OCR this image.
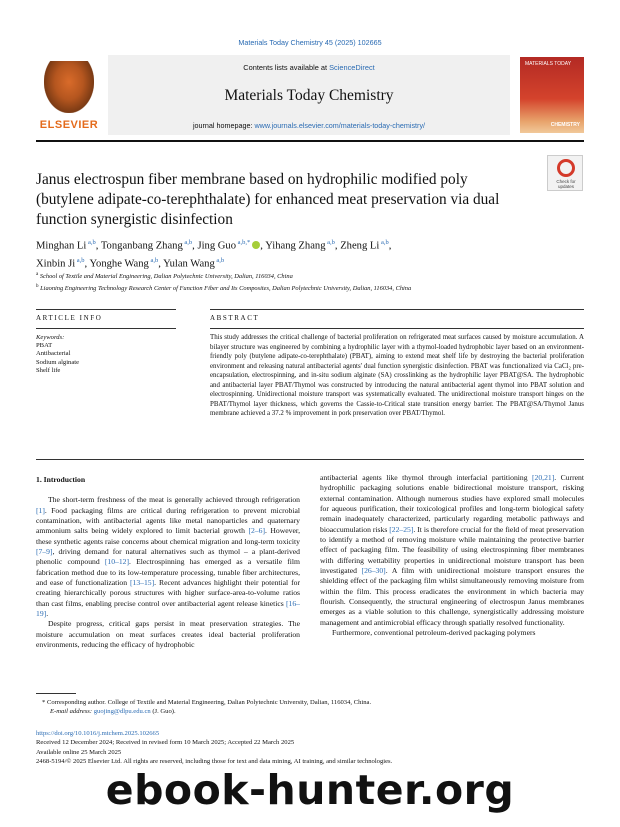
Materials Today Chemistry 45 (2025) 102665
ELSEVIER
Contents lists available at ScienceDirect
Materials Today Chemistry
journal homepage: www.journals.elsevier.com/materials-today-chemistry/
MATERIALS TODAY
CHEMISTRY
Check for updates
Janus electrospun fiber membrane based on hydrophilic modified poly (butylene adipate-co-terephthalate) for enhanced meat preservation via dual function synergistic disinfection
Minghan Li $^{a,b}$, Tonganbang Zhang $^{a,b}$, Jing Guo $^{a,b,*}$ , Yihang Zhang $^{a,b}$, Zheng Li $^{a,b}$,
Xinbin Ji $^{a,b}$, Yonghe Wang $^{a,b}$, Yulan Wang $^{a,b}$
$^a$ School of Textile and Material Engineering, Dalian Polytechnic University, Dalian, 116034, China
$^b$ Liaoning Engineering Technology Research Center of Function Fiber and Its Composites, Dalian Polytechnic University, Dalian, 116034, China
ARTICLE INFO	ABSTRACT
Keywords:
PBAT
Antibacterial
Sodium alginate
Shelf life
This study addresses the critical challenge of bacterial proliferation on refrigerated meat surfaces caused by moisture accumulation. A bilayer structure was engineered by combining a hydrophilic layer with a thymol-loaded hydrophobic layer based on an environment-friendly poly (butylene adipate-co-terephthalate) (PBAT), aiming to extend meat shelf life by destroying the bacterial proliferation environment and releasing natural antibacterial agents' dual function synergistic disinfection. PBAT was functionalized via CaCl₂ pre-encapsulation, electrospinning, and in-situ sodium alginate (SA) crosslinking as the hydrophilic layer PBAT@SA. The hydrophobic and antibacterial layer PBAT/Thymol was constructed by introducing the natural antibacterial agent thymol into PBAT solution and electrospinning. Unidirectional moisture transport was systematically evaluated. The unidirectional moisture transport hinges on the PBAT/Thymol layer thickness, which governs the Cassie-to-Critical state transition energy barrier. The PBAT@SA/Thymol Janus membrane achieved a 37.2 % improvement in pork preservation over PBAT/Thymol.
1. Introduction

The short-term freshness of the meat is generally achieved through refrigeration [1]. Food packaging films are critical during refrigeration to prevent microbial contamination, with antibacterial agents like metal nanoparticles and quaternary ammonium salts being widely explored to limit bacterial growth [2–6]. However, these synthetic agents raise concerns about chemical migration and long-term toxicity [7–9], driving demand for natural alternatives such as thymol – a plant-derived phenolic compound [10–12]. Electrospinning has emerged as a versatile film fabrication method due to its low-temperature processing, tunable fiber architectures, and ease of functionalization [13–15]. Recent advances highlight their potential for creating hierarchically porous structures with higher surface-area-to-volume ratios than cast films, enabling precise control over antibacterial agent release kinetics [16–19].

Despite progress, critical gaps persist in meat preservation strategies. The moisture accumulation on meat surfaces creates ideal bacterial proliferation environments, reducing the efficacy of hydrophobic

antibacterial agents like thymol through interfacial partitioning [20,21]. Current hydrophilic packaging solutions enable bidirectional moisture transport, risking external contamination. Although numerous studies have explored small molecules for aqueous purification, their toxicological profiles and long-term biological safety remain inadequately characterized, particularly regarding metabolic pathways and bioaccumulation risks [22–25]. It is therefore crucial for the field of meat preservation to identify a method of removing moisture while maintaining the protective barrier effect of packaging film. The feasibility of using electrospinning fiber membranes with differing wettability properties in unidirectional moisture transport has been investigated [26–30]. A film with unidirectional moisture transport ensures the shielding effect of the packaging film whilst simultaneously removing moisture from within the film. This process eradicates the environment in which bacteria may flourish. Consequently, the structural engineering of electrospun Janus membranes emerges as a viable solution to this challenge, synergistically addressing moisture management and antimicrobial efficacy through spatially resolved functionality.

Furthermore, conventional petroleum-derived packaging polymers

* Corresponding author. College of Textile and Material Engineering, Dalian Polytechnic University, Dalian, 116034, China.
E-mail address: guojing@dlpu.edu.cn (J. Guo).
https://doi.org/10.1016/j.mtchem.2025.102665
Received 12 December 2024; Received in revised form 10 March 2025; Accepted 22 March 2025
Available online 25 March 2025
2468-5194/© 2025 Elsevier Ltd. All rights are reserved, including those for text and data mining, AI training, and similar technologies.
ebook-hunter.org
